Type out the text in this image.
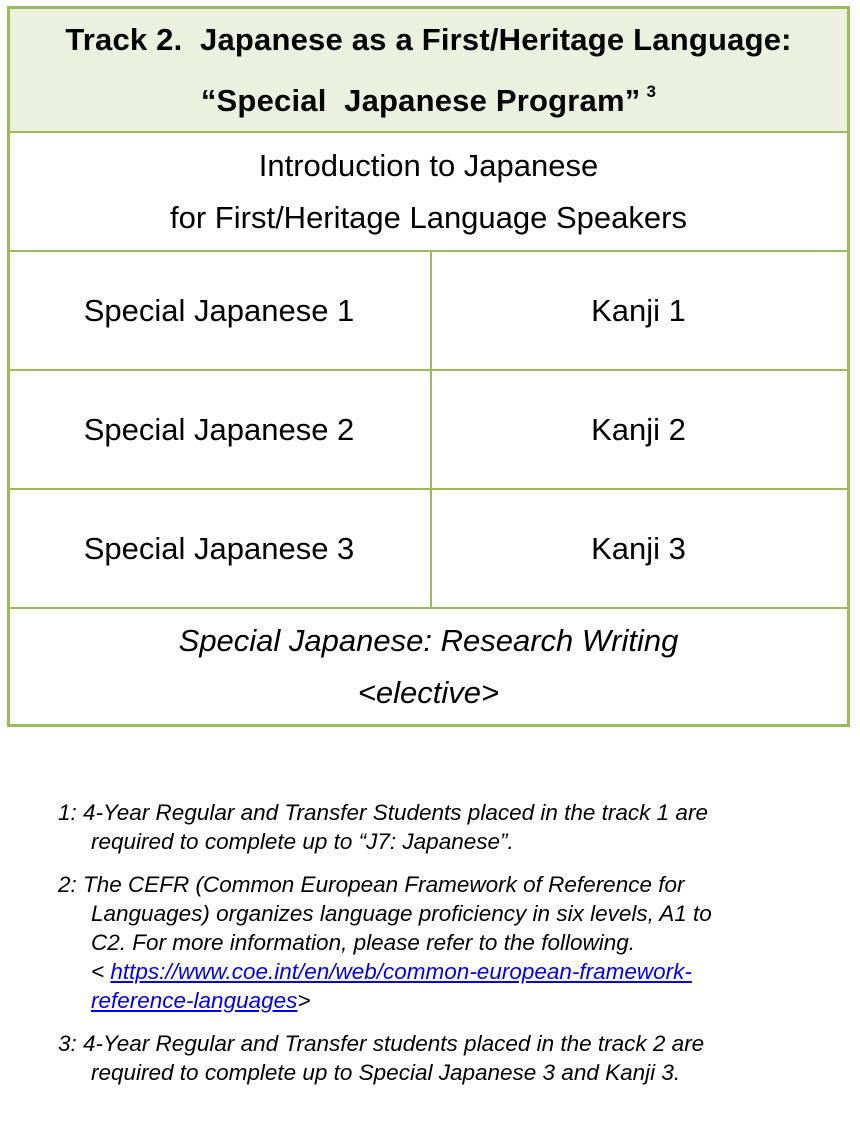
Track 2.  Japanese as a First/Heritage Language:
“Special  Japanese Program” $^3$
Introduction to Japanese
for First/Heritage Language Speakers
Special Japanese 1	Kanji 1
Special Japanese 2	Kanji 2
Special Japanese 3	Kanji 3
Special Japanese: Research Writing
<elective>
1: 4-Year Regular and Transfer Students placed in the track 1 are
required to complete up to “J7: Japanese”.
2: The CEFR (Common European Framework of Reference for
Languages) organizes language proficiency in six levels, A1 to
C2. For more information, please refer to the following.
< https://www.coe.int/en/web/common-european-framework-
reference-languages>
3: 4-Year Regular and Transfer students placed in the track 2 are
required to complete up to Special Japanese 3 and Kanji 3.
